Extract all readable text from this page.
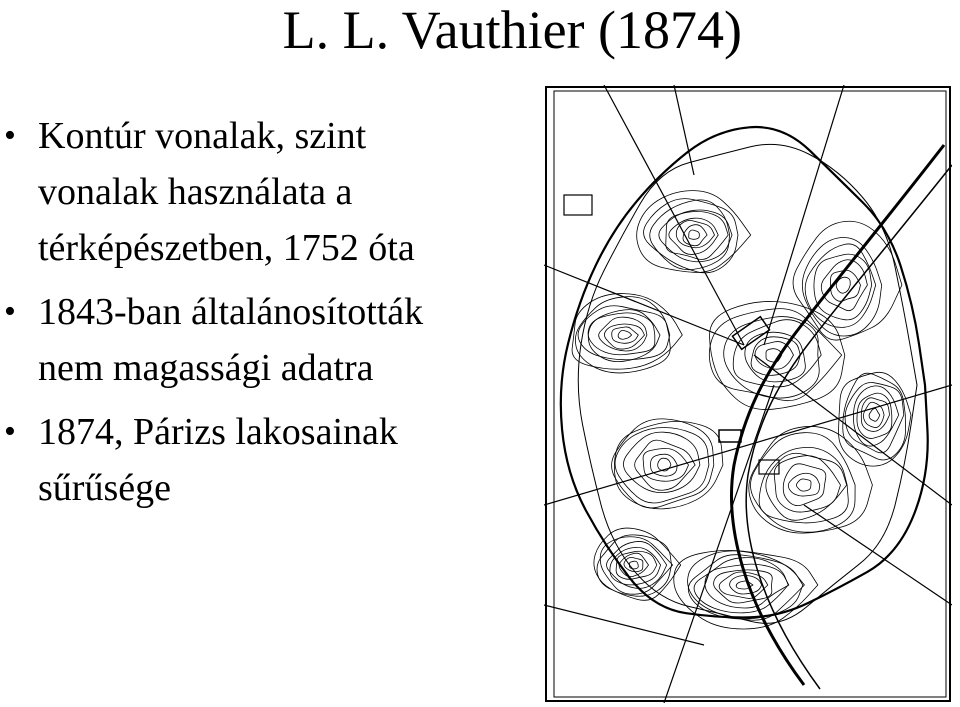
L. L. Vauthier (1874)
• Kontúr vonalak, szint
vonalak használata a
térképészetben, 1752 óta
• 1843-ban általánosították
nem magassági adatra
• 1874, Párizs lakosainak
sűrűsége
